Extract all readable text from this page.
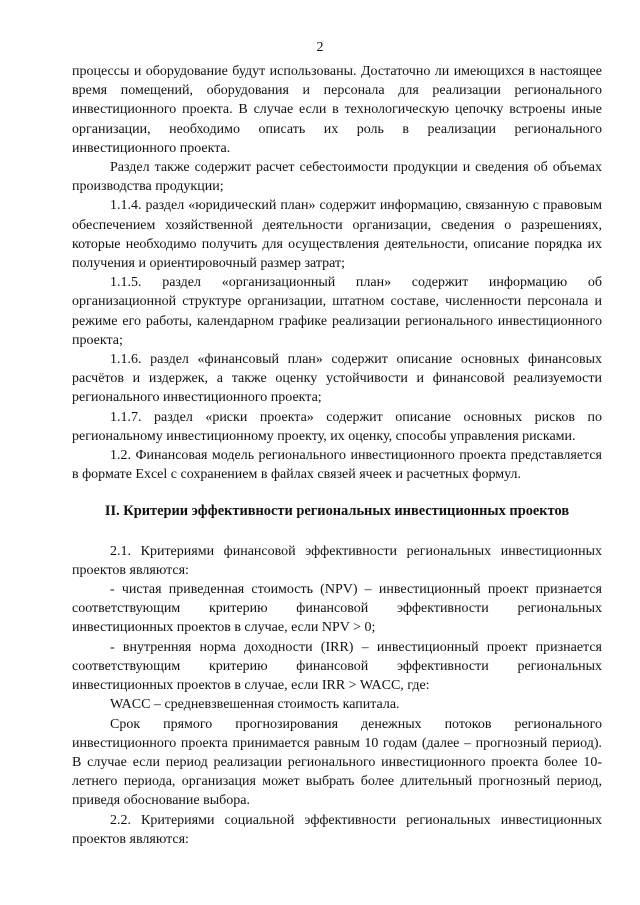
2

процессы и оборудование будут использованы. Достаточно ли имеющихся в настоящее время помещений, оборудования и персонала для реализации регионального инвестиционного проекта. В случае если в технологическую цепочку встроены иные организации, необходимо описать их роль в реализации регионального инвестиционного проекта.

Раздел также содержит расчет себестоимости продукции и сведения об объемах производства продукции;

1.1.4. раздел «юридический план» содержит информацию, связанную с правовым обеспечением хозяйственной деятельности организации, сведения о разрешениях, которые необходимо получить для осуществления деятельности, описание порядка их получения и ориентировочный размер затрат;

1.1.5. раздел «организационный план» содержит информацию об организационной структуре организации, штатном составе, численности персонала и режиме его работы, календарном графике реализации регионального инвестиционного проекта;

1.1.6. раздел «финансовый план» содержит описание основных финансовых расчётов и издержек, а также оценку устойчивости и финансовой реализуемости регионального инвестиционного проекта;

1.1.7. раздел «риски проекта» содержит описание основных рисков по региональному инвестиционному проекту, их оценку, способы управления рисками.

1.2. Финансовая модель регионального инвестиционного проекта представляется в формате Excel с сохранением в файлах связей ячеек и расчетных формул.

II. Критерии эффективности региональных инвестиционных проектов

2.1. Критериями финансовой эффективности региональных инвестиционных проектов являются:

- чистая приведенная стоимость (NPV) – инвестиционный проект признается соответствующим критерию финансовой эффективности региональных инвестиционных проектов в случае, если NPV > 0;

- внутренняя норма доходности (IRR) – инвестиционный проект признается соответствующим критерию финансовой эффективности региональных инвестиционных проектов в случае, если IRR > WACC, где:

WACC – средневзвешенная стоимость капитала.

Срок прямого прогнозирования денежных потоков регионального инвестиционного проекта принимается равным 10 годам (далее – прогнозный период). В случае если период реализации регионального инвестиционного проекта более 10-летнего периода, организация может выбрать более длительный прогнозный период, приведя обоснование выбора.

2.2. Критериями социальной эффективности региональных инвестиционных проектов являются:
